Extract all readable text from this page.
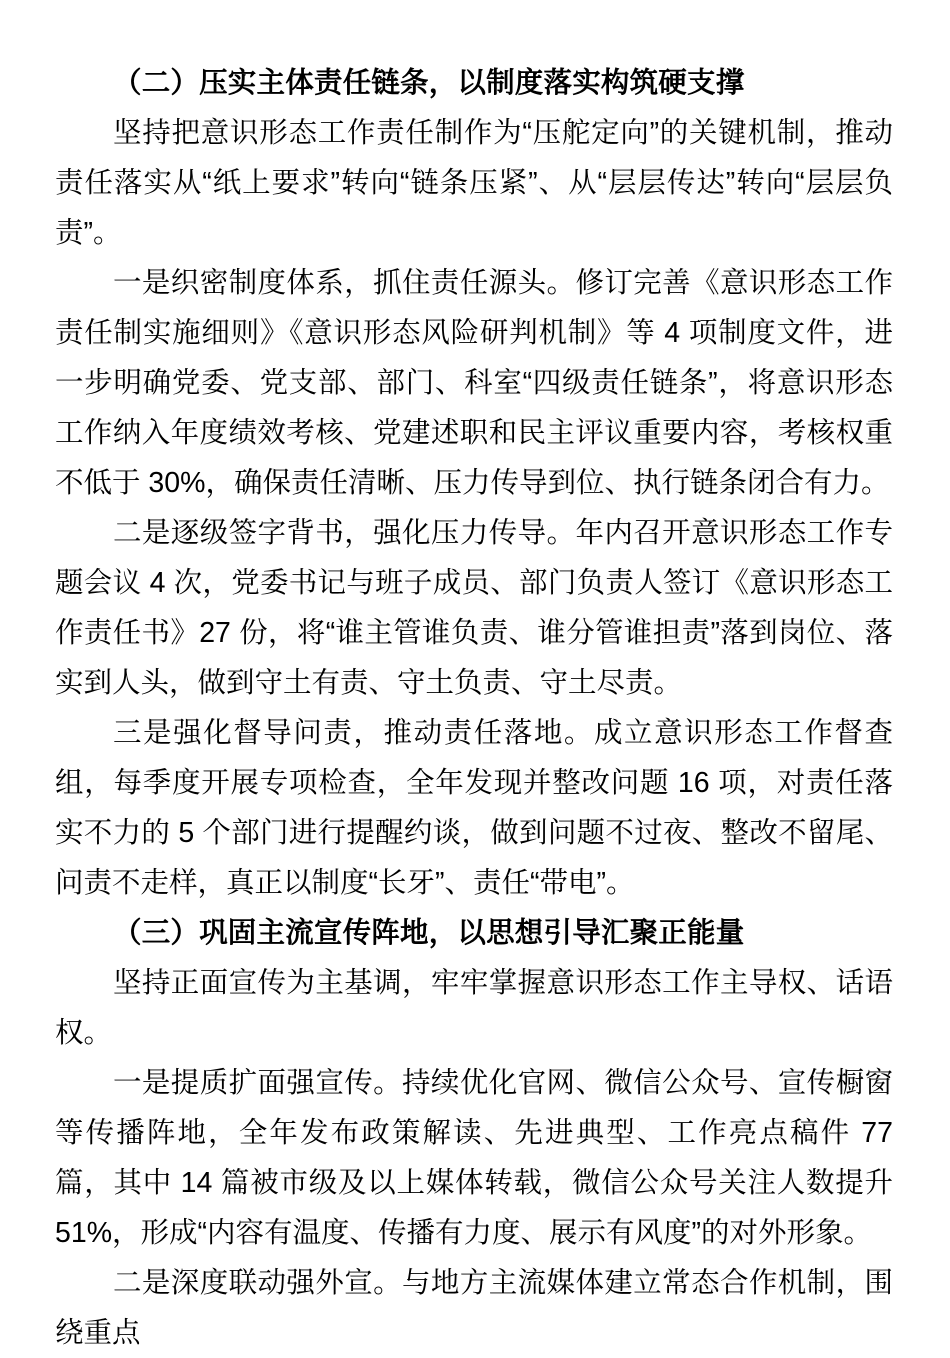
（二）压实主体责任链条，以制度落实构筑硬支撑

坚持把意识形态工作责任制作为“压舵定向”的关键机制，推动责任落实从“纸上要求”转向“链条压紧”、从“层层传达”转向“层层负责”。

一是织密制度体系，抓住责任源头。修订完善《意识形态工作责任制实施细则》《意识形态风险研判机制》等 4 项制度文件，进一步明确党委、党支部、部门、科室“四级责任链条”，将意识形态工作纳入年度绩效考核、党建述职和民主评议重要内容，考核权重不低于 30%，确保责任清晰、压力传导到位、执行链条闭合有力。

二是逐级签字背书，强化压力传导。年内召开意识形态工作专题会议 4 次，党委书记与班子成员、部门负责人签订《意识形态工作责任书》27 份，将“谁主管谁负责、谁分管谁担责”落到岗位、落实到人头，做到守土有责、守土负责、守土尽责。

三是强化督导问责，推动责任落地。成立意识形态工作督查组，每季度开展专项检查，全年发现并整改问题 16 项，对责任落实不力的 5 个部门进行提醒约谈，做到问题不过夜、整改不留尾、问责不走样，真正以制度“长牙”、责任“带电”。

（三）巩固主流宣传阵地，以思想引导汇聚正能量

坚持正面宣传为主基调，牢牢掌握意识形态工作主导权、话语权。

一是提质扩面强宣传。持续优化官网、微信公众号、宣传橱窗等传播阵地，全年发布政策解读、先进典型、工作亮点稿件 77 篇，其中 14 篇被市级及以上媒体转载，微信公众号关注人数提升 51%，形成“内容有温度、传播有力度、展示有风度”的对外形象。

二是深度联动强外宣。与地方主流媒体建立常态合作机制，围绕重点
